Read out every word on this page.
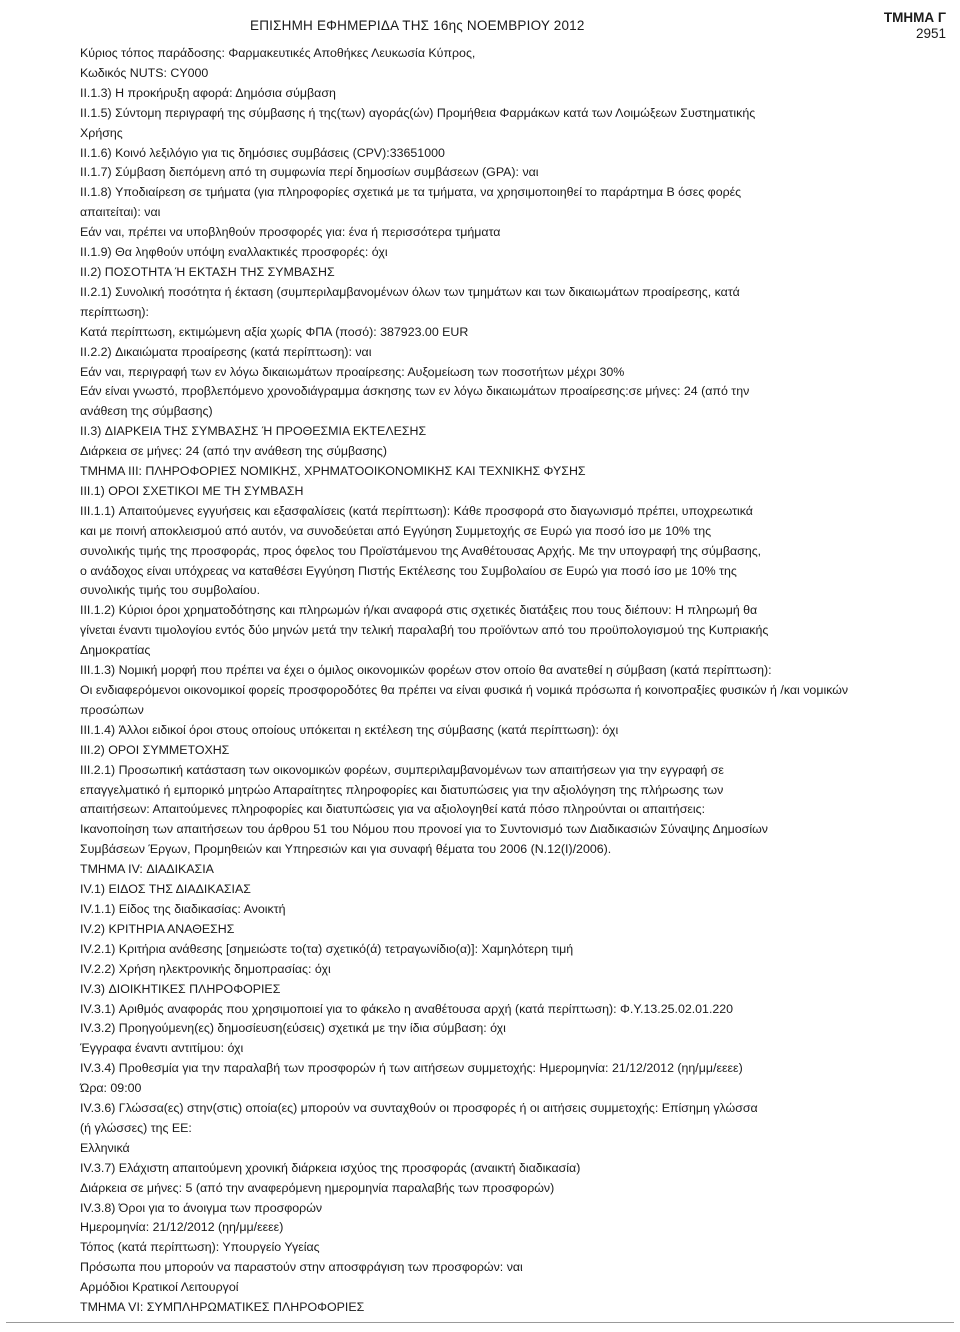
ΕΠΙΣΗΜΗ ΕΦΗΜΕΡΙΔΑ ΤΗΣ 16ης ΝΟΕΜΒΡΙΟΥ 2012
ΤΜΗΜΑ Γ
2951
Κύριος τόπος παράδοσης: Φαρμακευτικές Αποθήκες Λευκωσία Κύπρος,
Κωδικός NUTS: CY000
II.1.3) Η προκήρυξη αφορά: Δημόσια σύμβαση
II.1.5) Σύντομη περιγραφή της σύμβασης ή της(των) αγοράς(ών) Προμήθεια Φαρμάκων κατά των Λοιμώξεων Συστηματικής
Χρήσης
II.1.6) Κοινό λεξιλόγιο για τις δημόσιες συμβάσεις (CPV):33651000
II.1.7) Σύμβαση διεπόμενη από τη συμφωνία περί δημοσίων συμβάσεων (GPA): ναι
II.1.8) Υποδιαίρεση σε τμήματα (για πληροφορίες σχετικά με τα τμήματα, να χρησιμοποιηθεί το παράρτημα Β όσες φορές
απαιτείται): ναι
Εάν ναι, πρέπει να υποβληθούν προσφορές για: ένα ή περισσότερα τμήματα
II.1.9) Θα ληφθούν υπόψη εναλλακτικές προσφορές: όχι
II.2) ΠΟΣΟΤΗΤΑ Ή ΕΚΤΑΣΗ ΤΗΣ ΣΥΜΒΑΣΗΣ
II.2.1) Συνολική ποσότητα ή έκταση (συμπεριλαμβανομένων όλων των τμημάτων και των δικαιωμάτων προαίρεσης, κατά
περίπτωση):
Κατά περίπτωση, εκτιμώμενη αξία χωρίς ΦΠΑ (ποσό): 387923.00 EUR
II.2.2) Δικαιώματα προαίρεσης (κατά περίπτωση): ναι
Εάν ναι, περιγραφή των εν λόγω δικαιωμάτων προαίρεσης: Αυξομείωση των ποσοτήτων μέχρι 30%
Εάν είναι γνωστό, προβλεπόμενο χρονοδιάγραμμα άσκησης των εν λόγω δικαιωμάτων προαίρεσης:σε μήνες: 24 (από την
ανάθεση της σύμβασης)
II.3) ΔΙΑΡΚΕΙΑ ΤΗΣ ΣΥΜΒΑΣΗΣ Ή ΠΡΟΘΕΣΜΙΑ ΕΚΤΕΛΕΣΗΣ
Διάρκεια σε μήνες: 24 (από την ανάθεση της σύμβασης)
ΤΜΗΜΑ III: ΠΛΗΡΟΦΟΡΙΕΣ ΝΟΜΙΚΗΣ, ΧΡΗΜΑΤΟΟΙΚΟΝΟΜΙΚΗΣ ΚΑΙ ΤΕΧΝΙΚΗΣ ΦΥΣΗΣ
III.1) ΟΡΟΙ ΣΧΕΤΙΚΟΙ ΜΕ ΤΗ ΣΥΜΒΑΣΗ
III.1.1) Απαιτούμενες εγγυήσεις και εξασφαλίσεις (κατά περίπτωση): Κάθε προσφορά στο διαγωνισμό πρέπει, υποχρεωτικά
και με ποινή αποκλεισμού από αυτόν, να συνοδεύεται από Εγγύηση Συμμετοχής σε Ευρώ για ποσό ίσο με 10% της
συνολικής τιμής της προσφοράς, προς όφελος του Προϊστάμενου της Αναθέτουσας Αρχής. Με την υπογραφή της σύμβασης,
ο ανάδοχος είναι υπόχρεας να καταθέσει Εγγύηση Πιστής Εκτέλεσης του Συμβολαίου σε Ευρώ για ποσό ίσο με 10% της
συνολικής τιμής του συμβολαίου.
III.1.2) Κύριοι όροι χρηματοδότησης και πληρωμών ή/και αναφορά στις σχετικές διατάξεις που τους διέπουν: Η πληρωμή θα
γίνεται έναντι τιμολογίου εντός δύο μηνών μετά την τελική παραλαβή του προϊόντων από του προϋπολογισμού της Κυπριακής
Δημοκρατίας
III.1.3) Νομική μορφή που πρέπει να έχει ο όμιλος οικονομικών φορέων στον οποίο θα ανατεθεί η σύμβαση (κατά περίπτωση):
Οι ενδιαφερόμενοι οικονομικοί φορείς προσφοροδότες θα πρέπει να είναι φυσικά ή νομικά πρόσωπα ή κοινοπραξίες φυσικών ή /και νομικών
προσώπων
III.1.4) Άλλοι ειδικοί όροι στους οποίους υπόκειται η εκτέλεση της σύμβασης (κατά περίπτωση): όχι
III.2) ΟΡΟΙ ΣΥΜΜΕΤΟΧΗΣ
III.2.1) Προσωπική κατάσταση των οικονομικών φορέων, συμπεριλαμβανομένων των απαιτήσεων για την εγγραφή σε
επαγγελματικό ή εμπορικό μητρώο Απαραίτητες πληροφορίες και διατυπώσεις για την αξιολόγηση της πλήρωσης των
απαιτήσεων: Απαιτούμενες πληροφορίες και διατυπώσεις για να αξιολογηθεί κατά πόσο πληρούνται οι απαιτήσεις:
Ικανοποίηση των απαιτήσεων του άρθρου 51 του Νόμου που προνοεί για το Συντονισμό των Διαδικασιών Σύναψης Δημοσίων
Συμβάσεων Έργων, Προμηθειών και Υπηρεσιών και για συναφή θέματα του 2006 (Ν.12(Ι)/2006).
ΤΜΗΜΑ IV: ΔΙΑΔΙΚΑΣΙΑ
IV.1) ΕΙΔΟΣ ΤΗΣ ΔΙΑΔΙΚΑΣΙΑΣ
IV.1.1) Είδος της διαδικασίας: Ανοικτή
IV.2) ΚΡΙΤΗΡΙΑ ΑΝΑΘΕΣΗΣ
IV.2.1) Κριτήρια ανάθεσης [σημειώστε το(τα) σχετικό(ά) τετραγωνίδιο(α)]: Χαμηλότερη τιμή
IV.2.2) Χρήση ηλεκτρονικής δημοπρασίας: όχι
IV.3) ΔΙΟΙΚΗΤΙΚΕΣ ΠΛΗΡΟΦΟΡΙΕΣ
IV.3.1) Αριθμός αναφοράς που χρησιμοποιεί για το φάκελο η αναθέτουσα αρχή (κατά περίπτωση): Φ.Υ.13.25.02.01.220
IV.3.2) Προηγούμενη(ες) δημοσίευση(εύσεις) σχετικά με την ίδια σύμβαση: όχι
Έγγραφα έναντι αντιτίμου: όχι
IV.3.4) Προθεσμία για την παραλαβή των προσφορών ή των αιτήσεων συμμετοχής: Ημερομηνία: 21/12/2012 (ηη/μμ/εεεε)
Ώρα: 09:00
IV.3.6) Γλώσσα(ες) στην(στις) οποία(ες) μπορούν να συνταχθούν οι προσφορές ή οι αιτήσεις συμμετοχής: Επίσημη γλώσσα
(ή γλώσσες) της ΕΕ:
Ελληνικά
IV.3.7) Ελάχιστη απαιτούμενη χρονική διάρκεια ισχύος της προσφοράς (αναικτή διαδικασία)
Διάρκεια σε μήνες: 5 (από την αναφερόμενη ημερομηνία παραλαβής των προσφορών)
IV.3.8) Όροι για το άνοιγμα των προσφορών
Ημερομηνία: 21/12/2012 (ηη/μμ/εεεε)
Τόπος (κατά περίπτωση): Υπουργείο Υγείας
Πρόσωπα που μπορούν να παραστούν στην αποσφράγιση των προσφορών: ναι
Αρμόδιοι Κρατικοί Λειτουργοί
ΤΜΗΜΑ VI: ΣΥΜΠΛΗΡΩΜΑΤΙΚΕΣ ΠΛΗΡΟΦΟΡΙΕΣ
